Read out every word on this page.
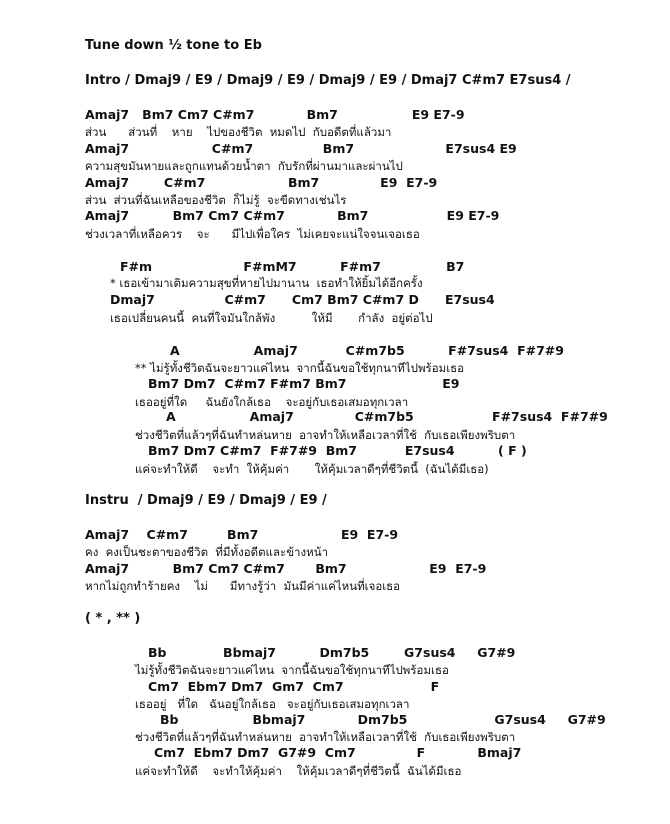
Tune down ½ tone to Eb
Intro / Dmaj9 / E9 / Dmaj9 / E9 / Dmaj9 / E9 / Dmaj7 C#m7 E7sus4 /
Amaj7   Bm7 Cm7 C#m7            Bm7                 E9 E7-9
ส่วน      ส่วนที่    หาย    ไปของชีวิต  หมดไป  กับอดีตที่แล้วมา
Amaj7                   C#m7                Bm7                     E7sus4 E9
ความสุขมันหายและถูกแทนด้วยน้ำตา  กับรักที่ผ่านมาและผ่านไป
Amaj7        C#m7                   Bm7              E9  E7-9
ส่วน  ส่วนที่ฉันเหลือของชีวิต  ก็ไม่รู้  จะขีดทางเช่นไร
Amaj7          Bm7 Cm7 C#m7            Bm7                  E9 E7-9
ช่วงเวลาที่เหลือควร    จะ      มีไปเพื่อใคร  ไม่เคยจะแน่ใจจนเจอเธอ
F#m                     F#mM7          F#m7               B7
* เธอเข้ามาเติมความสุขที่หายไปมานาน  เธอทำให้ยิ้มได้อีกครั้ง
Dmaj7                C#m7      Cm7 Bm7 C#m7 D      E7sus4
เธอเปลี่ยนคนนี้  คนที่ใจมันใกล้พัง          ให้มี       กำลัง  อยู่ต่อไป
A                 Amaj7           C#m7b5          F#7sus4  F#7#9
** ไม่รู้ทั้งชีวิตฉันจะยาวแค่ไหน  จากนี้ฉันขอใช้ทุกนาทีไปพร้อมเธอ
Bm7 Dm7  C#m7 F#m7 Bm7                      E9
เธออยู่ที่ใด     ฉันยังใกล้เธอ    จะอยู่กับเธอเสมอทุกเวลา
A                 Amaj7              C#m7b5                  F#7sus4  F#7#9
ช่วงชีวิตที่แล้วๆที่ฉันทำหล่นหาย  อาจทำให้เหลือเวลาที่ใช้  กับเธอเพียงพริบตา
Bm7 Dm7 C#m7  F#7#9  Bm7           E7sus4          ( F )
แค่จะทำให้ดี    จะทำ  ให้คุ้มค่า       ให้คุ้มเวลาดีๆที่ชีวิตนี้  (ฉันได้มีเธอ)
Instru  / Dmaj9 / E9 / Dmaj9 / E9 /
Amaj7    C#m7         Bm7                   E9  E7-9
คง  คงเป็นชะตาของชีวิต  ที่มีทั้งอดีตและข้างหน้า
Amaj7          Bm7 Cm7 C#m7       Bm7                   E9  E7-9
หากไม่ถูกทำร้ายคง    ไม่      มีทางรู้ว่า  มันมีค่าแค่ไหนที่เจอเธอ
( * , ** )
Bb             Bbmaj7          Dm7b5        G7sus4     G7#9
ไม่รู้ทั้งชีวิตฉันจะยาวแค่ไหน  จากนี้ฉันขอใช้ทุกนาทีไปพร้อมเธอ
Cm7  Ebm7 Dm7  Gm7  Cm7                    F
เธออยู่   ที่ใด   ฉันอยู่ใกล้เธอ   จะอยู่กับเธอเสมอทุกเวลา
Bb                 Bbmaj7            Dm7b5                    G7sus4     G7#9
ช่วงชีวิตที่แล้วๆที่ฉันทำหล่นหาย  อาจทำให้เหลือเวลาที่ใช้  กับเธอเพียงพริบตา
Cm7  Ebm7 Dm7  G7#9  Cm7              F            Bmaj7
แค่จะทำให้ดี    จะทำให้คุ้มค่า    ให้คุ้มเวลาดีๆที่ชีวิตนี้  ฉันได้มีเธอ
